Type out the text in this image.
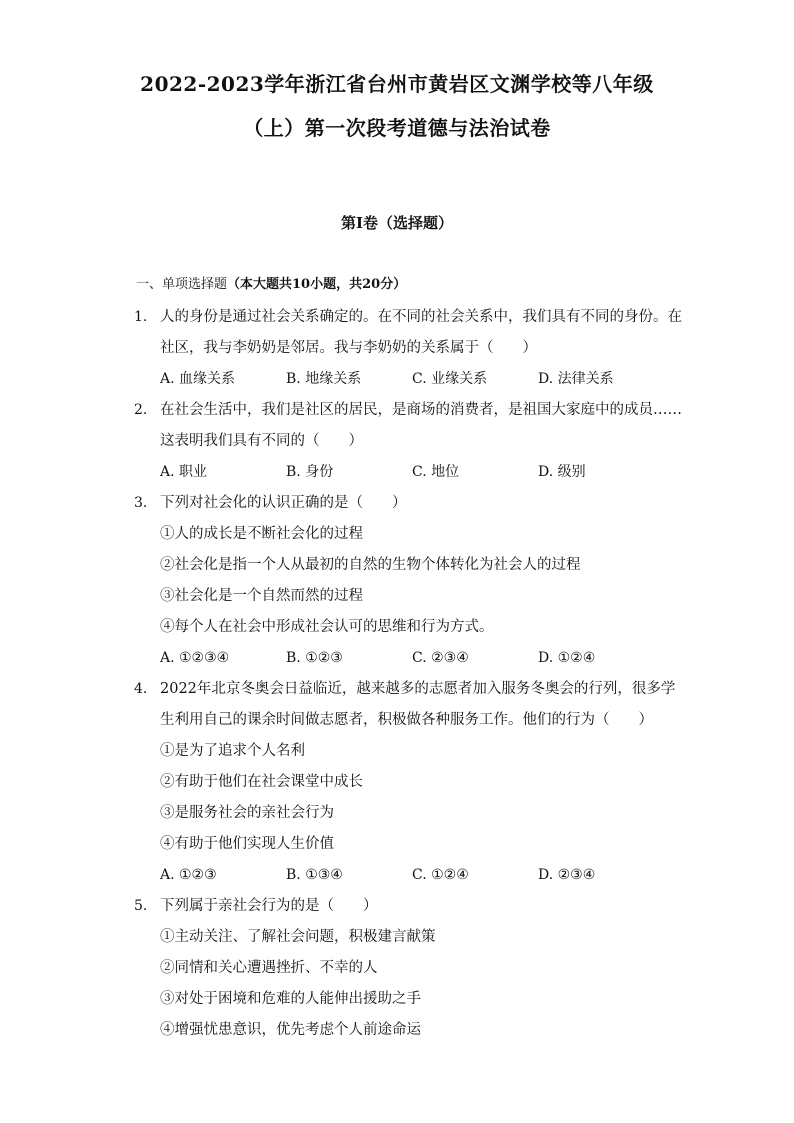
2022-2023学年浙江省台州市黄岩区文渊学校等八年级
（上）第一次段考道德与法治试卷
第Ⅰ卷（选择题）
一、单项选择题（本大题共10小题，共20分）
1. 人的身份是通过社会关系确定的。在不同的社会关系中，我们具有不同的身份。在
社区，我与李奶奶是邻居。我与李奶奶的关系属于（　　）
A. 血缘关系	B. 地缘关系	C. 业缘关系	D. 法律关系
2. 在社会生活中，我们是社区的居民，是商场的消费者，是祖国大家庭中的成员……
这表明我们具有不同的（　　）
A. 职业	B. 身份	C. 地位	D. 级别
3. 下列对社会化的认识正确的是（　　）
①人的成长是不断社会化的过程
②社会化是指一个人从最初的自然的生物个体转化为社会人的过程
③社会化是一个自然而然的过程
④每个人在社会中形成社会认可的思维和行为方式。
A. ①②③④	B. ①②③	C. ②③④	D. ①②④
4. 2022年北京冬奥会日益临近，越来越多的志愿者加入服务冬奥会的行列，很多学
生利用自己的课余时间做志愿者，积极做各种服务工作。他们的行为（　　）
①是为了追求个人名利
②有助于他们在社会课堂中成长
③是服务社会的亲社会行为
④有助于他们实现人生价值
A. ①②③	B. ①③④	C. ①②④	D. ②③④
5. 下列属于亲社会行为的是（　　）
①主动关注、了解社会问题，积极建言献策
②同情和关心遭遇挫折、不幸的人
③对处于困境和危难的人能伸出援助之手
④增强忧患意识，优先考虑个人前途命运
